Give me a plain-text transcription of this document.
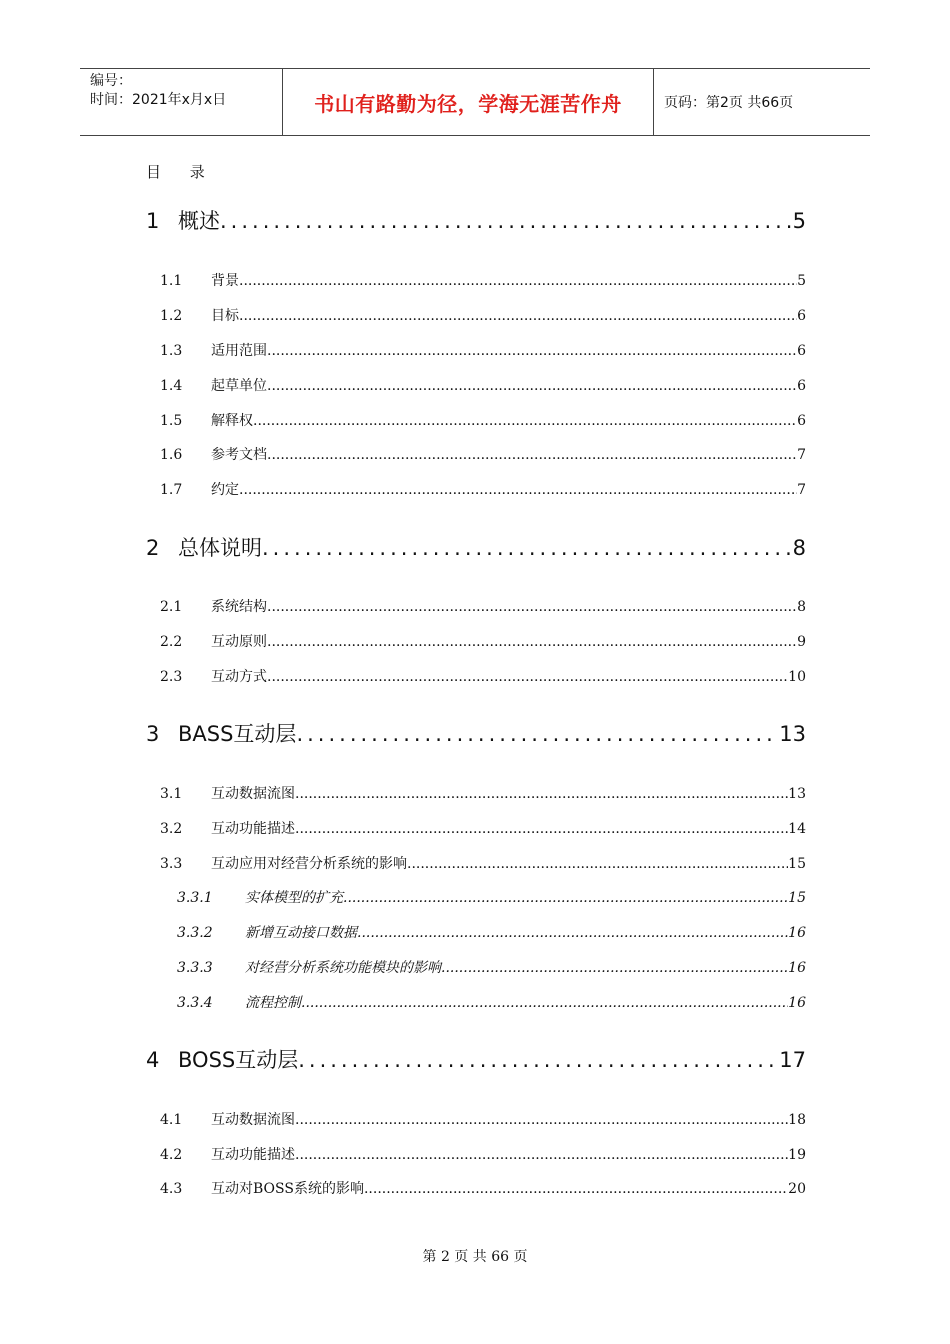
编号：
时间：2021年x月x日	书山有路勤为径，学海无涯苦作舟	页码：第2页 共66页
目 录
1 概述 .....	5
1.1	背景 .....	5
1.2	目标 .....	6
1.3	适用范围 .....	6
1.4	起草单位 .....	6
1.5	解释权 .....	6
1.6	参考文档 .....	7
1.7	约定 .....	7
2 总体说明 .....	8
2.1	系统结构 .....	8
2.2	互动原则 .....	9
2.3	互动方式 .....	10
3 BASS互动层 .....	13
3.1	互动数据流图 .....	13
3.2	互动功能描述 .....	14
3.3	互动应用对经营分析系统的影响 .....	15
3.3.1	实体模型的扩充 .....	15
3.3.2	新增互动接口数据 .....	16
3.3.3	对经营分析系统功能模块的影响 .....	16
3.3.4	流程控制 .....	16
4 BOSS互动层 .....	17
4.1	互动数据流图 .....	18
4.2	互动功能描述 .....	19
4.3	互动对BOSS系统的影响 .....	20
第 2 页 共 66 页
